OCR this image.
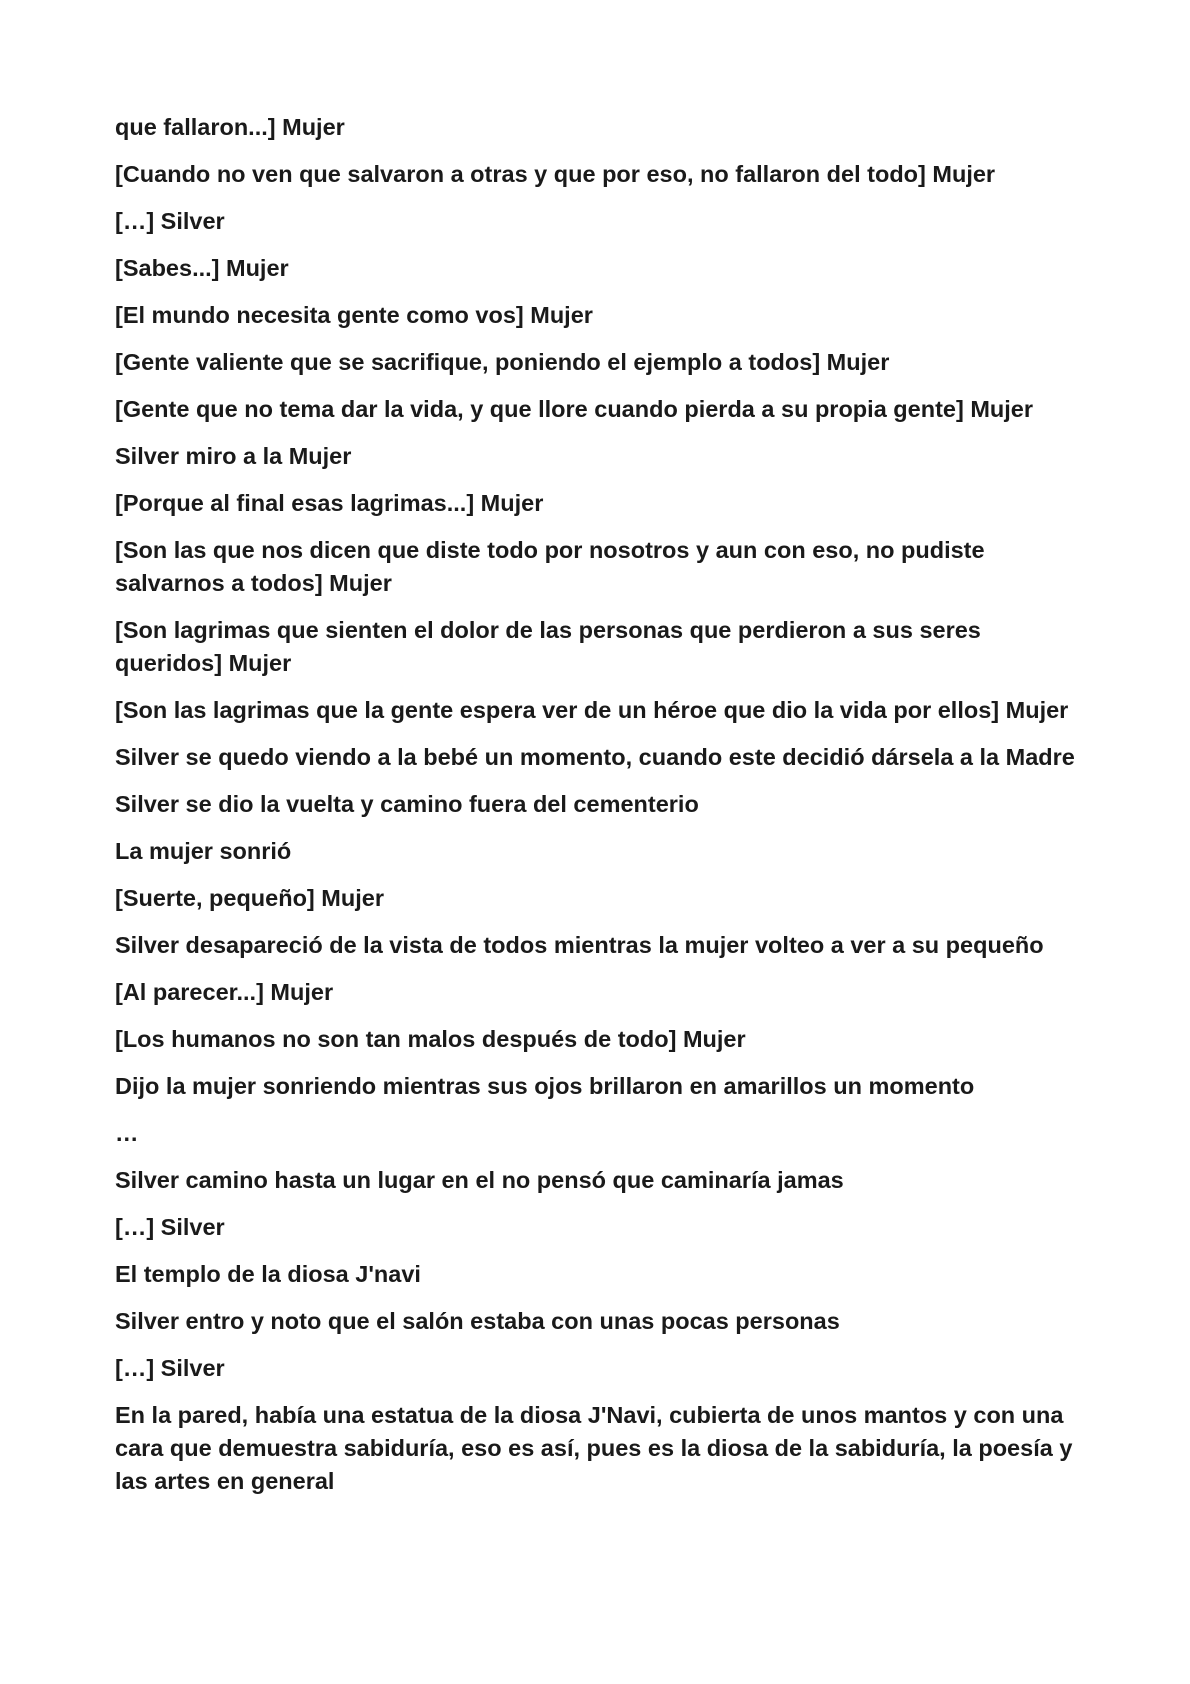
que fallaron...] Mujer

[Cuando no ven que salvaron a otras y que por eso, no fallaron del todo] Mujer

[…] Silver

[Sabes...] Mujer

[El mundo necesita gente como vos] Mujer

[Gente valiente que se sacrifique, poniendo el ejemplo a todos] Mujer

[Gente que no tema dar la vida, y que llore cuando pierda a su propia gente] Mujer

Silver miro a la Mujer

[Porque al final esas lagrimas...] Mujer

[Son las que nos dicen que diste todo por nosotros y aun con eso, no pudiste salvarnos a todos] Mujer

[Son lagrimas que sienten el dolor de las personas que perdieron a sus seres queridos] Mujer

[Son las lagrimas que la gente espera ver de un héroe que dio la vida por ellos] Mujer

Silver se quedo viendo a la bebé un momento, cuando este decidió dársela a la Madre

Silver se dio la vuelta y camino fuera del cementerio

La mujer sonrió

[Suerte, pequeño] Mujer

Silver desapareció de la vista de todos mientras la mujer volteo a ver a su pequeño

[Al parecer...] Mujer

[Los humanos no son tan malos después de todo] Mujer

Dijo la mujer sonriendo mientras sus ojos brillaron en amarillos un momento

…

Silver camino hasta un lugar en el no pensó que caminaría jamas

[…] Silver

El templo de la diosa J'navi

Silver entro y noto que el salón estaba con unas pocas personas

[…] Silver

En la pared, había una estatua de la diosa J'Navi, cubierta de unos mantos y con una cara que demuestra sabiduría, eso es así, pues es la diosa de la sabiduría, la poesía y las artes en general
